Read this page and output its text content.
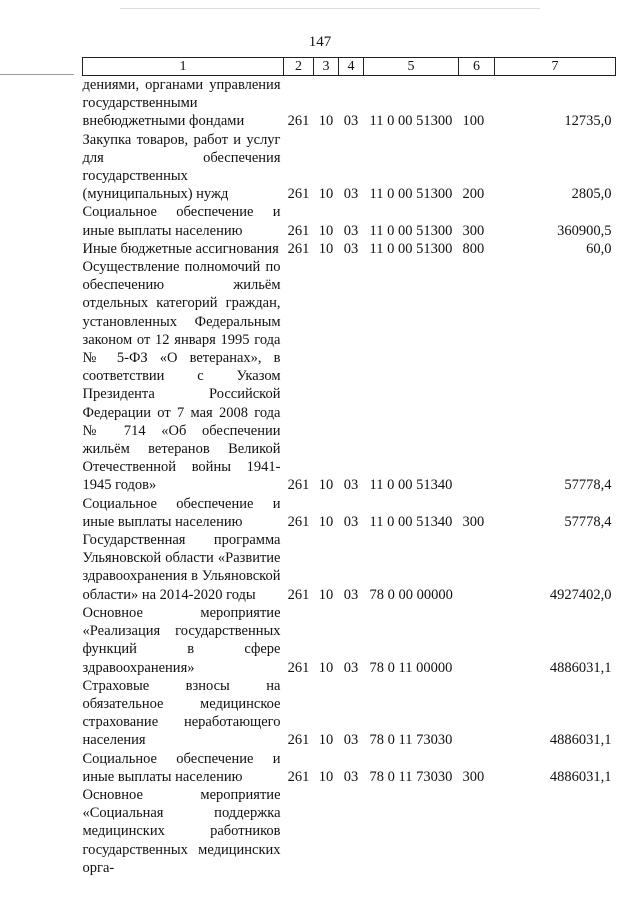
147
1	2	3	4	5	6	7
дениями, органами управления государственными внебюджетными фондами	261	10	03	11 0 00 51300	100	12735,0
Закупка товаров, работ и услуг для обеспечения государственных (муниципальных) нужд	261	10	03	11 0 00 51300	200	2805,0
Социальное обеспечение и иные выплаты населению	261	10	03	11 0 00 51300	300	360900,5
Иные бюджетные ассигнования	261	10	03	11 0 00 51300	800	60,0
Осуществление полномочий по обеспечению жильём отдельных категорий граждан, установленных Федеральным законом от 12 января 1995 года № 5-ФЗ «О ветеранах», в соответствии с Указом Президента Российской Федерации от 7 мая 2008 года № 714 «Об обеспечении жильём ветеранов Великой Отечественной войны 1941-1945 годов»	261	10	03	11 0 00 51340		57778,4
Социальное обеспечение и иные выплаты населению	261	10	03	11 0 00 51340	300	57778,4
Государственная программа Ульяновской области «Развитие здравоохранения в Ульяновской области» на 2014-2020 годы	261	10	03	78 0 00 00000		4927402,0
Основное мероприятие «Реализация государственных функций в сфере здравоохранения»	261	10	03	78 0 11 00000		4886031,1
Страховые взносы на обязательное медицинское страхование неработающего населения	261	10	03	78 0 11 73030		4886031,1
Социальное обеспечение и иные выплаты населению	261	10	03	78 0 11 73030	300	4886031,1
Основное мероприятие «Социальная поддержка медицинских работников государственных медицинских орга-						
